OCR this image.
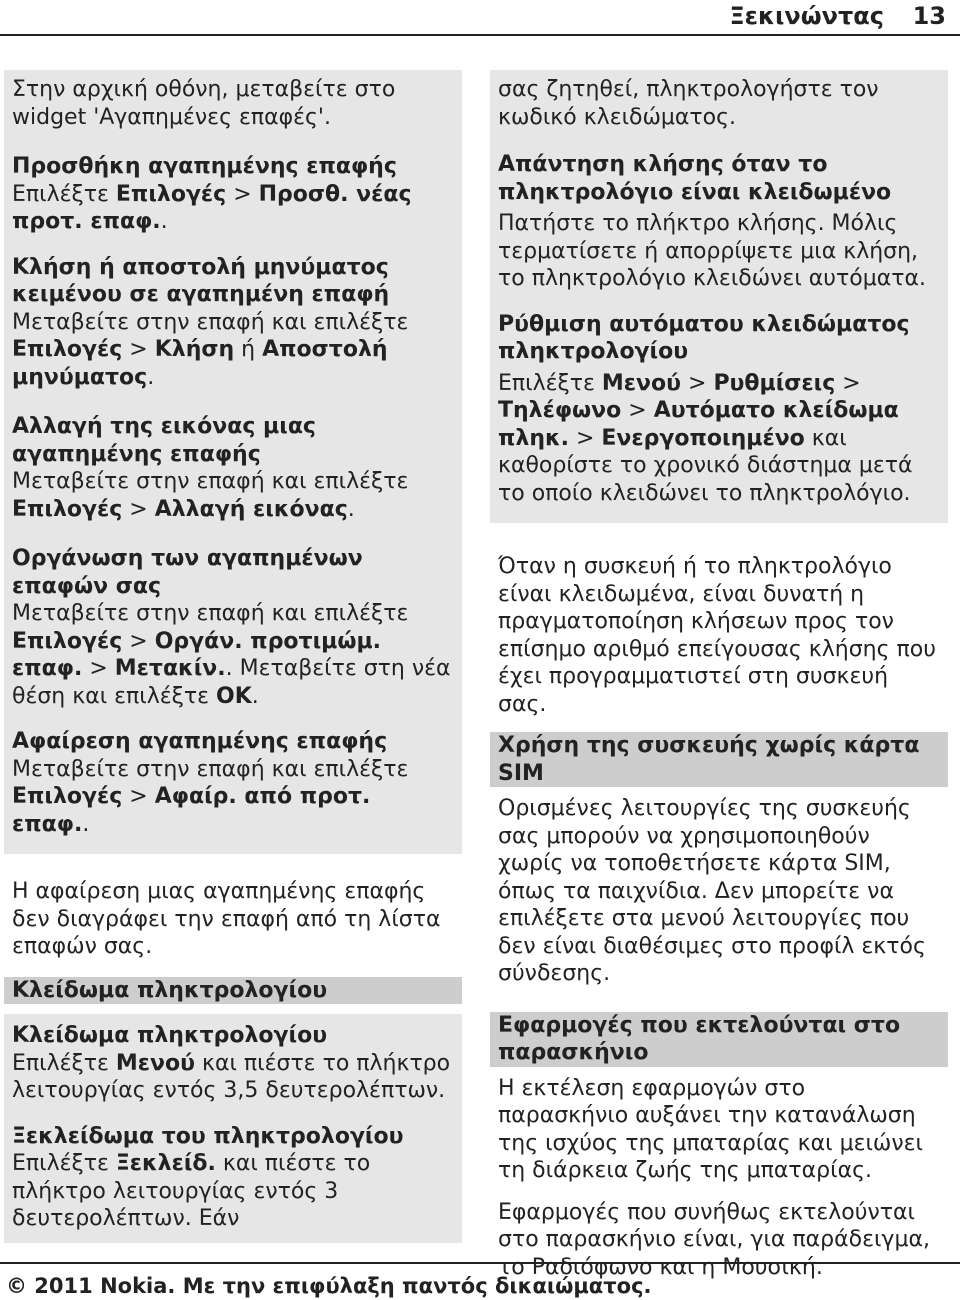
Ξεκινώντας 13

Στην αρχική οθόνη, μεταβείτε στο widget 'Αγαπημένες επαφές'.

Προσθήκη αγαπημένης επαφής

Επιλέξτε Επιλογές > Προσθ. νέας προτ. επαφ..

Κλήση ή αποστολή μηνύματος κειμένου σε αγαπημένη επαφή

Μεταβείτε στην επαφή και επιλέξτε Επιλογές > Κλήση ή Αποστολή μηνύματος.

Αλλαγή της εικόνας μιας αγαπημένης επαφής

Μεταβείτε στην επαφή και επιλέξτε Επιλογές > Αλλαγή εικόνας.

Οργάνωση των αγαπημένων επαφών σας

Μεταβείτε στην επαφή και επιλέξτε Επιλογές > Οργάν. προτιμώμ. επαφ. > Μετακίν.. Μεταβείτε στη νέα θέση και επιλέξτε OK.

Αφαίρεση αγαπημένης επαφής

Μεταβείτε στην επαφή και επιλέξτε Επιλογές > Αφαίρ. από προτ. επαφ..

Η αφαίρεση μιας αγαπημένης επαφής δεν διαγράφει την επαφή από τη λίστα επαφών σας.

Κλείδωμα πληκτρολογίου
Κλείδωμα πληκτρολογίου

Επιλέξτε Μενού και πιέστε το πλήκτρο λειτουργίας εντός 3,5 δευτερολέπτων.

Ξεκλείδωμα του πληκτρολογίου

Επιλέξτε Ξεκλείδ. και πιέστε το πλήκτρο λειτουργίας εντός 3 δευτερολέπτων. Εάν

σας ζητηθεί, πληκτρολογήστε τον κωδικό κλειδώματος.

Απάντηση κλήσης όταν το πληκτρολόγιο είναι κλειδωμένο

Πατήστε το πλήκτρο κλήσης. Μόλις τερματίσετε ή απορρίψετε μια κλήση, το πληκτρολόγιο κλειδώνει αυτόματα.

Ρύθμιση αυτόματου κλειδώματος πληκτρολογίου

Επιλέξτε Μενού > Ρυθμίσεις > Τηλέφωνο > Αυτόματο κλείδωμα πληκ. > Ενεργοποιημένο και καθορίστε το χρονικό διάστημα μετά το οποίο κλειδώνει το πληκτρολόγιο.

Όταν η συσκευή ή το πληκτρολόγιο είναι κλειδωμένα, είναι δυνατή η πραγματοποίηση κλήσεων προς τον επίσημο αριθμό επείγουσας κλήσης που έχει προγραμματιστεί στη συσκευή σας.

Χρήση της συσκευής χωρίς κάρτα SIM

Ορισμένες λειτουργίες της συσκευής σας μπορούν να χρησιμοποιηθούν χωρίς να τοποθετήσετε κάρτα SIM, όπως τα παιχνίδια. Δεν μπορείτε να επιλέξετε στα μενού λειτουργίες που δεν είναι διαθέσιμες στο προφίλ εκτός σύνδεσης.

Εφαρμογές που εκτελούνται στο παρασκήνιο

Η εκτέλεση εφαρμογών στο παρασκήνιο αυξάνει την κατανάλωση της ισχύος της μπαταρίας και μειώνει τη διάρκεια ζωής της μπαταρίας.

Εφαρμογές που συνήθως εκτελούνται στο παρασκήνιο είναι, για παράδειγμα, το Ραδιόφωνο και η Μουσική.

© 2011 Nokia. Με την επιφύλαξη παντός δικαιώματος.
